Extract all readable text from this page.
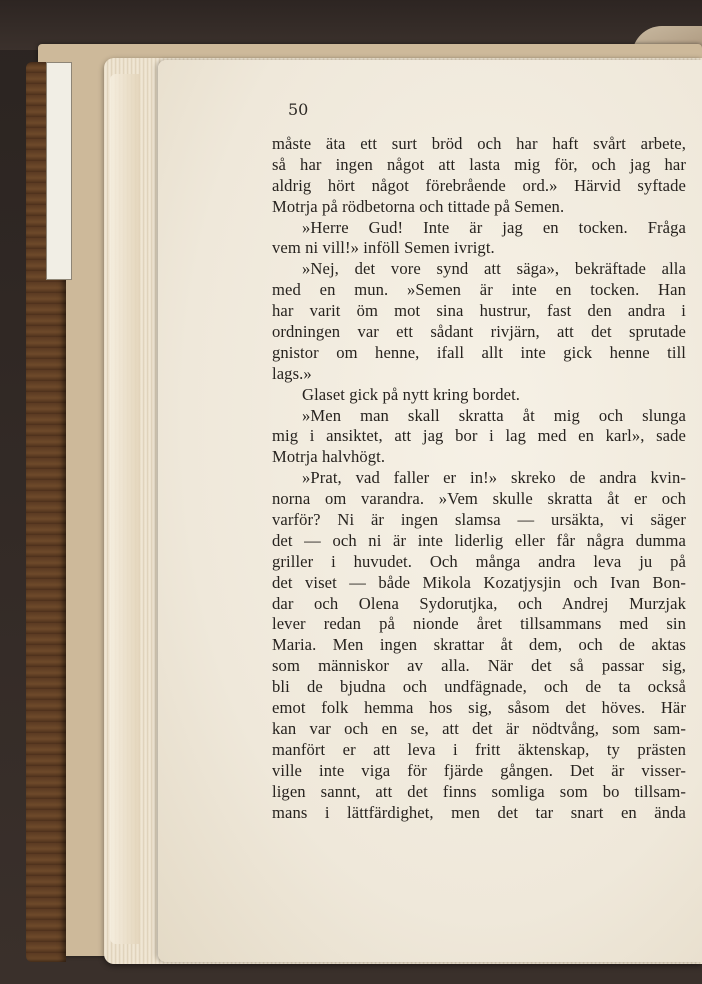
50
måste äta ett surt bröd och har haft svårt arbete,
så har ingen något att lasta mig för, och jag har
aldrig hört något förebrående ord.» Härvid syftade
Motrja på rödbetorna och tittade på Semen.
»Herre Gud! Inte är jag en tocken. Fråga
vem ni vill!» inföll Semen ivrigt.
»Nej, det vore synd att säga», bekräftade alla
med en mun. »Semen är inte en tocken. Han
har varit öm mot sina hustrur, fast den andra i
ordningen var ett sådant rivjärn, att det sprutade
gnistor om henne, ifall allt inte gick henne till
lags.»
Glaset gick på nytt kring bordet.
»Men man skall skratta åt mig och slunga
mig i ansiktet, att jag bor i lag med en karl», sade
Motrja halvhögt.
»Prat, vad faller er in!» skreko de andra kvin-
norna om varandra. »Vem skulle skratta åt er och
varför? Ni är ingen slamsa — ursäkta, vi säger
det — och ni är inte liderlig eller får några dumma
griller i huvudet. Och många andra leva ju på
det viset — både Mikola Kozatjysjin och Ivan Bon-
dar och Olena Sydorutjka, och Andrej Murzjak
lever redan på nionde året tillsammans med sin
Maria. Men ingen skrattar åt dem, och de aktas
som människor av alla. När det så passar sig,
bli de bjudna och undfägnade, och de ta också
emot folk hemma hos sig, såsom det höves. Här
kan var och en se, att det är nödtvång, som sam-
manfört er att leva i fritt äktenskap, ty prästen
ville inte viga för fjärde gången. Det är visser-
ligen sannt, att det finns somliga som bo tillsam-
mans i lättfärdighet, men det tar snart en ända
